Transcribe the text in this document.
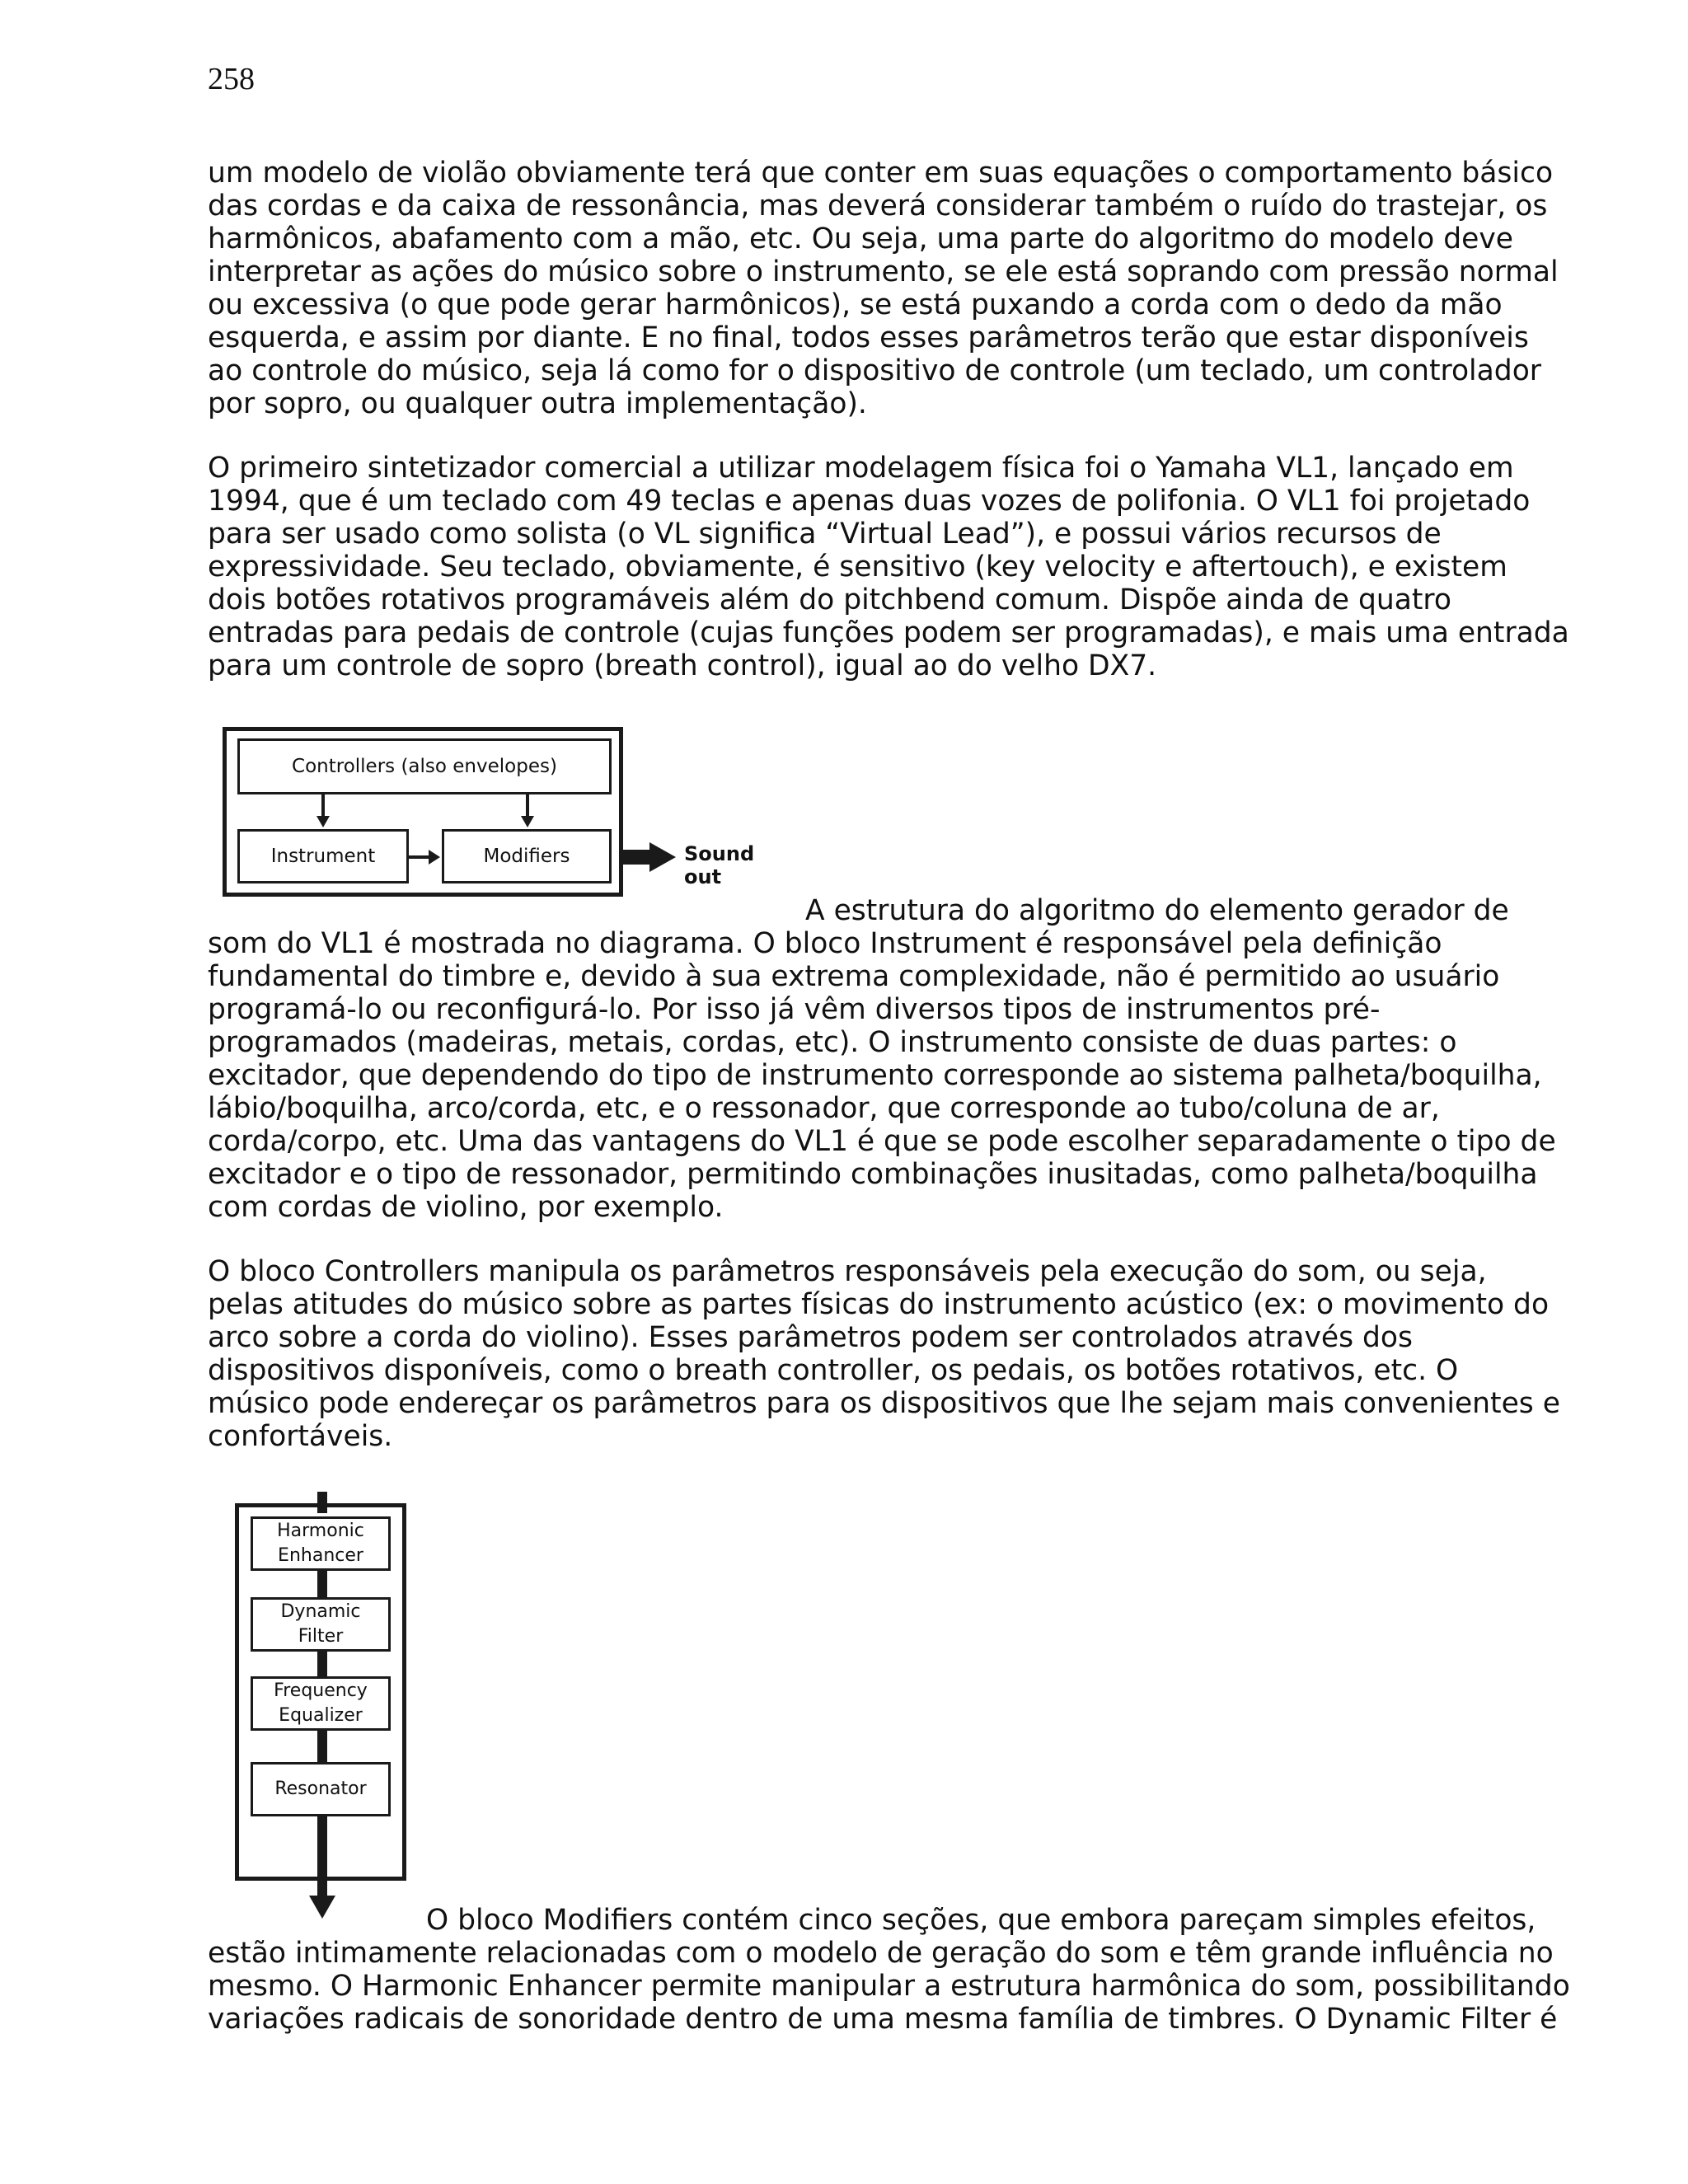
258

um modelo de violão obviamente terá que conter em suas equações o comportamento básico
das cordas e da caixa de ressonância, mas deverá considerar também o ruído do trastejar, os
harmônicos, abafamento com a mão, etc. Ou seja, uma parte do algoritmo do modelo deve
interpretar as ações do músico sobre o instrumento, se ele está soprando com pressão normal
ou excessiva (o que pode gerar harmônicos), se está puxando a corda com o dedo da mão
esquerda, e assim por diante. E no final, todos esses parâmetros terão que estar disponíveis
ao controle do músico, seja lá como for o dispositivo de controle (um teclado, um controlador
por sopro, ou qualquer outra implementação).

O primeiro sintetizador comercial a utilizar modelagem física foi o Yamaha VL1, lançado em
1994, que é um teclado com 49 teclas e apenas duas vozes de polifonia. O VL1 foi projetado
para ser usado como solista (o VL significa “Virtual Lead”), e possui vários recursos de
expressividade. Seu teclado, obviamente, é sensitivo (key velocity e aftertouch), e existem
dois botões rotativos programáveis além do pitchbend comum. Dispõe ainda de quatro
entradas para pedais de controle (cujas funções podem ser programadas), e mais uma entrada
para um controle de sopro (breath control), igual ao do velho DX7.

Controllers (also envelopes)
Instrument	Modifiers	Sound out

A estrutura do algoritmo do elemento gerador de
som do VL1 é mostrada no diagrama. O bloco Instrument é responsável pela definição
fundamental do timbre e, devido à sua extrema complexidade, não é permitido ao usuário
programá-lo ou reconfigurá-lo. Por isso já vêm diversos tipos de instrumentos pré-
programados (madeiras, metais, cordas, etc). O instrumento consiste de duas partes: o
excitador, que dependendo do tipo de instrumento corresponde ao sistema palheta/boquilha,
lábio/boquilha, arco/corda, etc, e o ressonador, que corresponde ao tubo/coluna de ar,
corda/corpo, etc. Uma das vantagens do VL1 é que se pode escolher separadamente o tipo de
excitador e o tipo de ressonador, permitindo combinações inusitadas, como palheta/boquilha
com cordas de violino, por exemplo.

O bloco Controllers manipula os parâmetros responsáveis pela execução do som, ou seja,
pelas atitudes do músico sobre as partes físicas do instrumento acústico (ex: o movimento do
arco sobre a corda do violino). Esses parâmetros podem ser controlados através dos
dispositivos disponíveis, como o breath controller, os pedais, os botões rotativos, etc. O
músico pode endereçar os parâmetros para os dispositivos que lhe sejam mais convenientes e
confortáveis.

Harmonic
Enhancer
Dynamic
Filter
Frequency
Equalizer
Resonator

O bloco Modifiers contém cinco seções, que embora pareçam simples efeitos,
estão intimamente relacionadas com o modelo de geração do som e têm grande influência no
mesmo. O Harmonic Enhancer permite manipular a estrutura harmônica do som, possibilitando
variações radicais de sonoridade dentro de uma mesma família de timbres. O Dynamic Filter é
